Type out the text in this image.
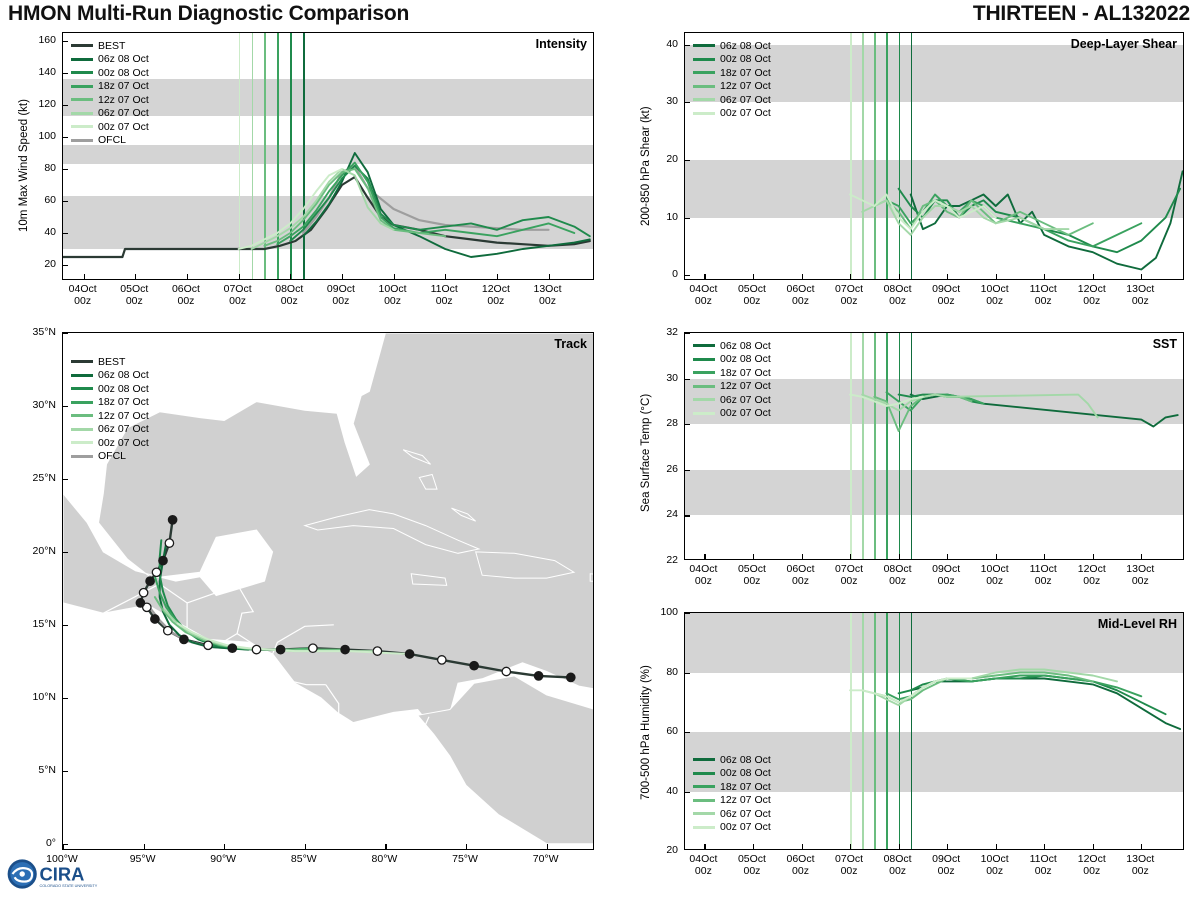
HMON Multi-Run Diagnostic Comparison	THIRTEEN - AL132022
Intensity
BEST
06z 08 Oct
00z 08 Oct
18z 07 Oct
12z 07 Oct
06z 07 Oct
00z 07 Oct
OFCL
10m Max Wind Speed (kt)
Track
BEST
06z 08 Oct
00z 08 Oct
18z 07 Oct
12z 07 Oct
06z 07 Oct
00z 07 Oct
OFCL
Deep-Layer Shear
06z 08 Oct
00z 08 Oct
18z 07 Oct
12z 07 Oct
06z 07 Oct
00z 07 Oct
200-850 hPa Shear (kt)
SST
06z 08 Oct
00z 08 Oct
18z 07 Oct
12z 07 Oct
06z 07 Oct
00z 07 Oct
Sea Surface Temp (°C)
Mid-Level RH
06z 08 Oct
00z 08 Oct
18z 07 Oct
12z 07 Oct
06z 07 Oct
00z 07 Oct
700-500 hPa Humidity (%)
CIRA
COLORADO STATE UNIVERSITY
20
40
60
80
100
120
140
160
04Oct
00z
05Oct
00z
06Oct
00z
07Oct
00z
08Oct
00z
09Oct
00z
10Oct
00z
11Oct
00z
12Oct
00z
13Oct
00z
0
10
20
30
40
04Oct
00z
05Oct
00z
06Oct
00z
07Oct
00z
08Oct
00z
09Oct
00z
10Oct
00z
11Oct
00z
12Oct
00z
13Oct
00z
22
24
26
28
30
32
04Oct
00z
05Oct
00z
06Oct
00z
07Oct
00z
08Oct
00z
09Oct
00z
10Oct
00z
11Oct
00z
12Oct
00z
13Oct
00z
20
40
60
80
100
04Oct
00z
05Oct
00z
06Oct
00z
07Oct
00z
08Oct
00z
09Oct
00z
10Oct
00z
11Oct
00z
12Oct
00z
13Oct
00z
0°
5°N
10°N
15°N
20°N
25°N
30°N
35°N
100°W	95°W	90°W	85°W	80°W	75°W	70°W
